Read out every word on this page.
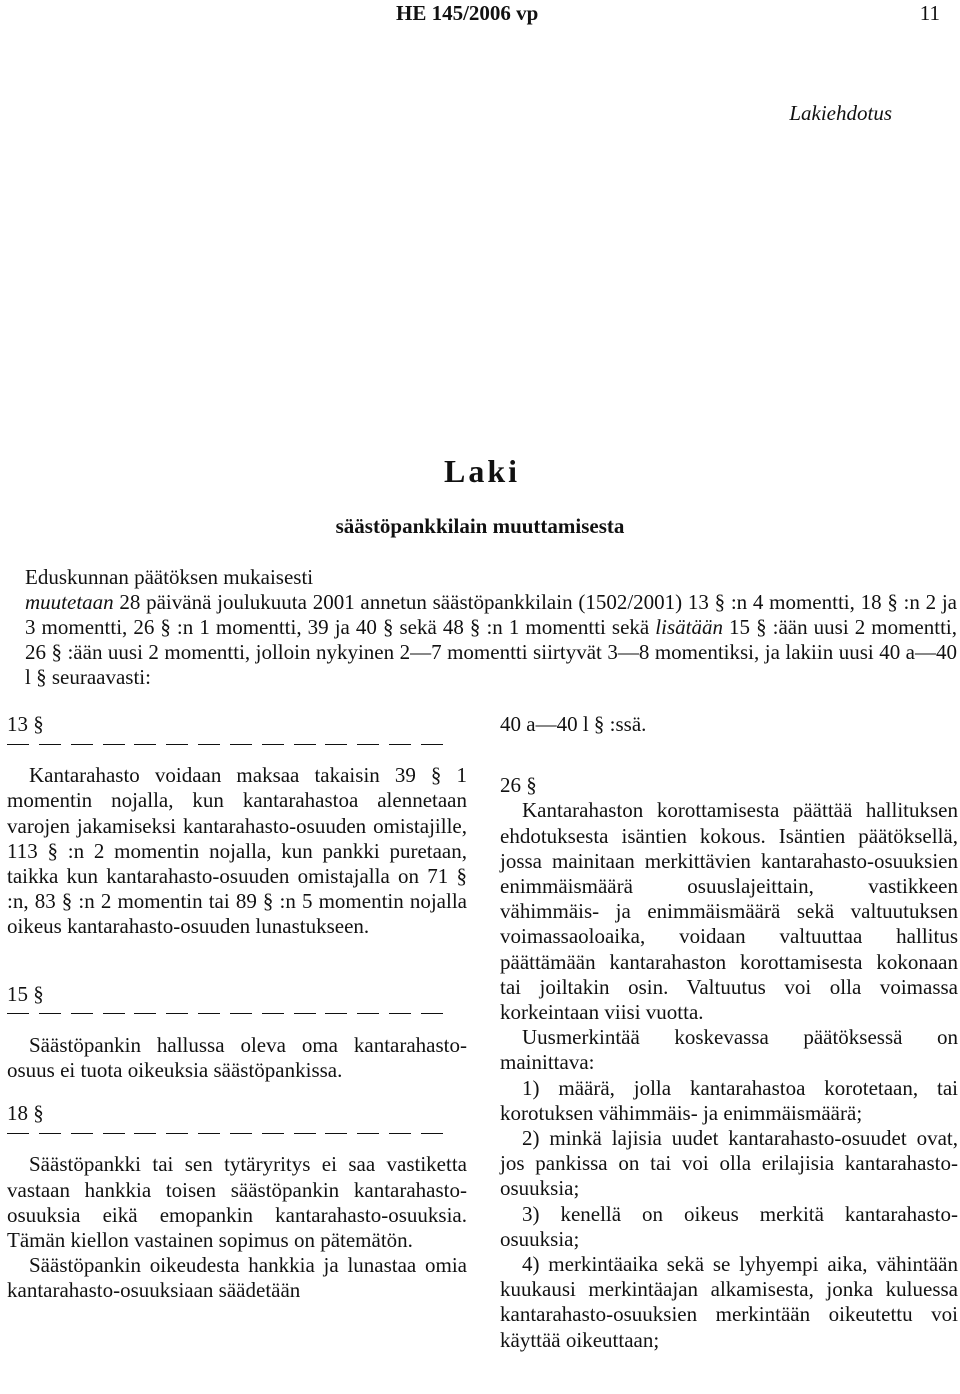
HE 145/2006 vp	11
Lakiehdotus
Laki
säästöpankkilain muuttamisesta

Eduskunnan päätöksen mukaisesti

muutetaan 28 päivänä joulukuuta 2001 annetun säästöpankkilain (1502/2001) 13 § :n 4 momentti, 18 § :n 2 ja 3 momentti, 26 § :n 1 momentti, 39 ja 40 § sekä 48 § :n 1 momentti sekä lisätään 15 § :ään uusi 2 momentti, 26 § :ään uusi 2 momentti, jolloin nykyinen 2—7 momentti siirtyvät 3—8 momentiksi, ja lakiin uusi 40 a—40 l § seuraavasti:

13 §

Kantarahasto voidaan maksaa takaisin 39 § 1 momentin nojalla, kun kantarahastoa alennetaan varojen jakamiseksi kantarahasto-osuuden omistajille, 113 § :n 2 momentin nojalla, kun pankki puretaan, taikka kun kantarahasto-osuuden omistajalla on 71 § :n, 83 § :n 2 momentin tai 89 § :n 5 momentin nojalla oikeus kantarahasto-osuuden lunastukseen.

15 §

Säästöpankin hallussa oleva oma kantarahasto-osuus ei tuota oikeuksia säästöpankissa.

18 §

Säästöpankki tai sen tytäryritys ei saa vastiketta vastaan hankkia toisen säästöpankin kantarahasto-osuuksia eikä emopankin kantarahasto-osuuksia. Tämän kiellon vastainen sopimus on pätemätön.

Säästöpankin oikeudesta hankkia ja lunastaa omia kantarahasto-osuuksiaan säädetään

40 a—40 l § :ssä.

26 §

Kantarahaston korottamisesta päättää hallituksen ehdotuksesta isäntien kokous. Isäntien päätöksellä, jossa mainitaan merkittävien kantarahasto-osuuksien enimmäismäärä osuuslajeittain, vastikkeen vähimmäis- ja enimmäismäärä sekä valtuutuksen voimassaoloaika, voidaan valtuuttaa hallitus päättämään kantarahaston korottamisesta kokonaan tai joiltakin osin. Valtuutus voi olla voimassa korkeintaan viisi vuotta.

Uusmerkintää koskevassa päätöksessä on mainittava:

1) määrä, jolla kantarahastoa korotetaan, tai korotuksen vähimmäis- ja enimmäismäärä;

2) minkä lajisia uudet kantarahasto-osuudet ovat, jos pankissa on tai voi olla erilajisia kantarahasto-osuuksia;

3) kenellä on oikeus merkitä kantarahasto-osuuksia;

4) merkintäaika sekä se lyhyempi aika, vähintään kuukausi merkintäajan alkamisesta, jonka kuluessa kantarahasto-osuuksien merkintään oikeutettu voi käyttää oikeuttaan;
